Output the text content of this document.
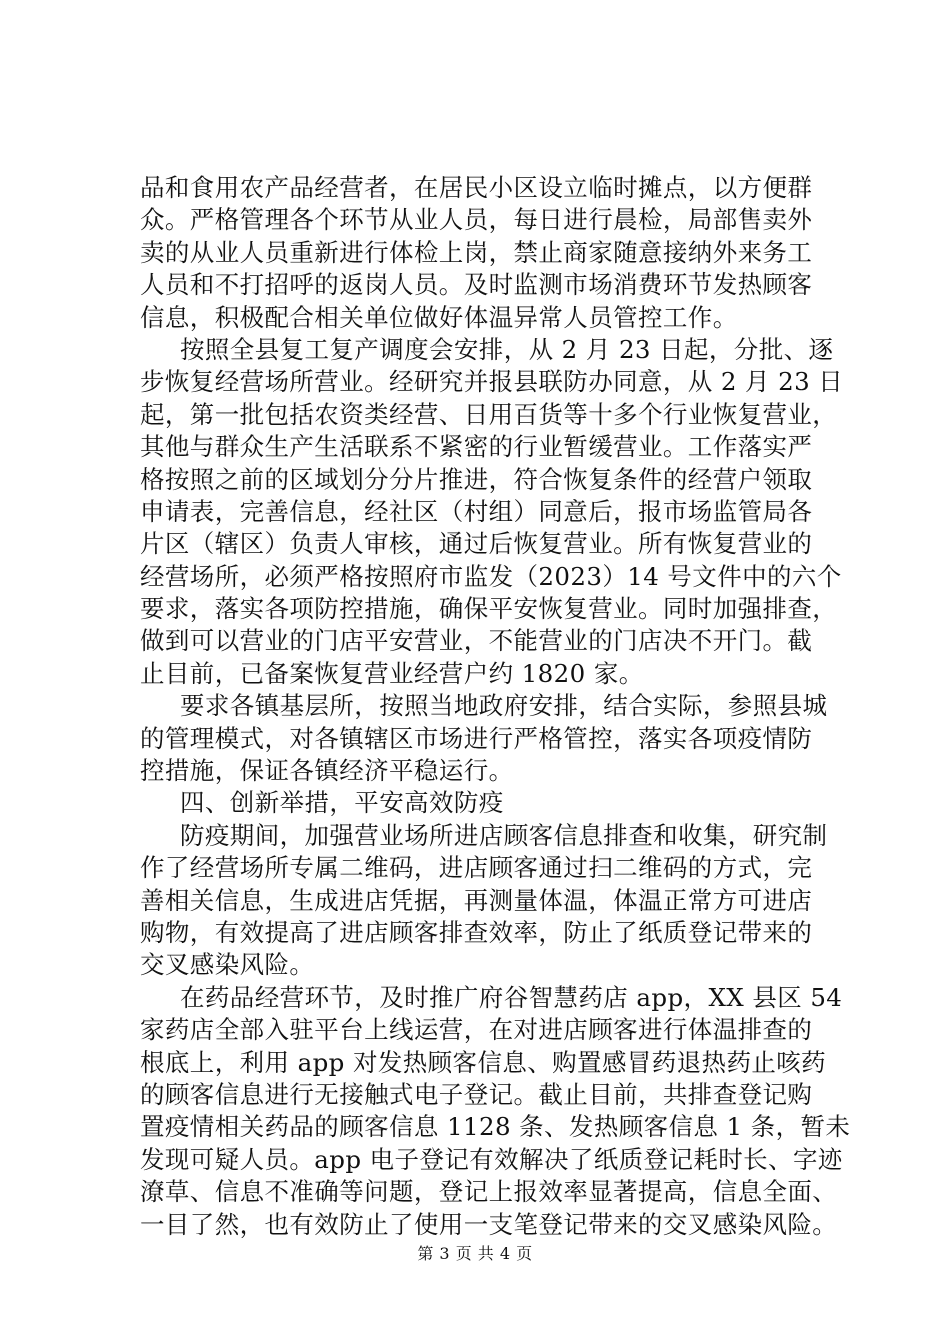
品和食用农产品经营者，在居民小区设立临时摊点，以方便群
众。严格管理各个环节从业人员，每日进行晨检，局部售卖外
卖的从业人员重新进行体检上岗，禁止商家随意接纳外来务工
人员和不打招呼的返岗人员。及时监测市场消费环节发热顾客
信息，积极配合相关单位做好体温异常人员管控工作。
按照全县复工复产调度会安排，从 2 月 23 日起，分批、逐
步恢复经营场所营业。经研究并报县联防办同意，从 2 月 23 日
起，第一批包括农资类经营、日用百货等十多个行业恢复营业，
其他与群众生产生活联系不紧密的行业暂缓营业。工作落实严
格按照之前的区域划分分片推进，符合恢复条件的经营户领取
申请表，完善信息，经社区（村组）同意后，报市场监管局各
片区（辖区）负责人审核，通过后恢复营业。所有恢复营业的
经营场所，必须严格按照府市监发（2023）14 号文件中的六个
要求，落实各项防控措施，确保平安恢复营业。同时加强排查，
做到可以营业的门店平安营业，不能营业的门店决不开门。截
止目前，已备案恢复营业经营户约 1820 家。
要求各镇基层所，按照当地政府安排，结合实际，参照县城
的管理模式，对各镇辖区市场进行严格管控，落实各项疫情防
控措施，保证各镇经济平稳运行。
四、创新举措，平安高效防疫
防疫期间，加强营业场所进店顾客信息排查和收集，研究制
作了经营场所专属二维码，进店顾客通过扫二维码的方式，完
善相关信息，生成进店凭据，再测量体温，体温正常方可进店
购物，有效提高了进店顾客排查效率，防止了纸质登记带来的
交叉感染风险。
在药品经营环节，及时推广府谷智慧药店 app，XX 县区 54
家药店全部入驻平台上线运营，在对进店顾客进行体温排查的
根底上，利用 app 对发热顾客信息、购置感冒药退热药止咳药
的顾客信息进行无接触式电子登记。截止目前，共排查登记购
置疫情相关药品的顾客信息 1128 条、发热顾客信息 1 条，暂未
发现可疑人员。app 电子登记有效解决了纸质登记耗时长、字迹
潦草、信息不准确等问题，登记上报效率显著提高，信息全面、
一目了然，也有效防止了使用一支笔登记带来的交叉感染风险。
第 3 页 共 4 页
